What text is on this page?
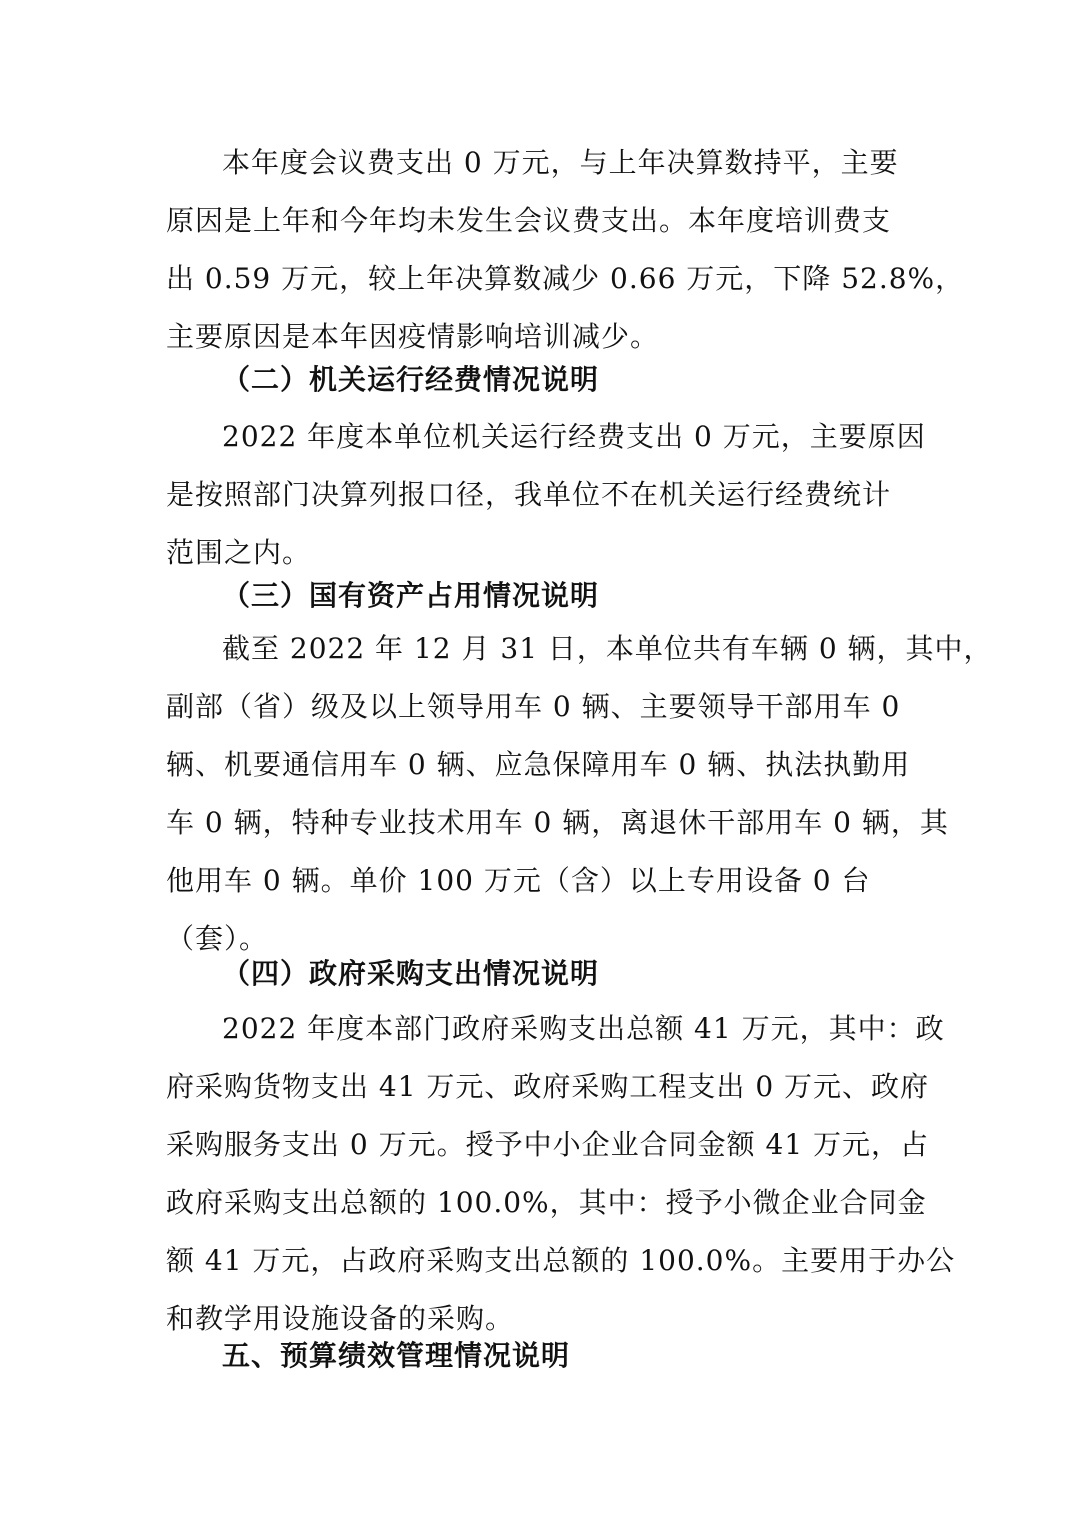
本年度会议费支出 0 万元，与上年决算数持平，主要
原因是上年和今年均未发生会议费支出。本年度培训费支
出 0.59 万元，较上年决算数减少 0.66 万元，下降 52.8%，
主要原因是本年因疫情影响培训减少。
（二）机关运行经费情况说明
2022 年度本单位机关运行经费支出 0 万元，主要原因
是按照部门决算列报口径，我单位不在机关运行经费统计
范围之内。
（三）国有资产占用情况说明
截至 2022 年 12 月 31 日，本单位共有车辆 0 辆，其中，
副部（省）级及以上领导用车 0 辆、主要领导干部用车 0
辆、机要通信用车 0 辆、应急保障用车 0 辆、执法执勤用
车 0 辆，特种专业技术用车 0 辆，离退休干部用车 0 辆，其
他用车 0 辆。单价 100 万元（含）以上专用设备 0 台
（套）。
（四）政府采购支出情况说明
2022 年度本部门政府采购支出总额 41 万元，其中：政
府采购货物支出 41 万元、政府采购工程支出 0 万元、政府
采购服务支出 0 万元。授予中小企业合同金额 41 万元，占
政府采购支出总额的 100.0%，其中：授予小微企业合同金
额 41 万元，占政府采购支出总额的 100.0%。主要用于办公
和教学用设施设备的采购。
五、预算绩效管理情况说明
